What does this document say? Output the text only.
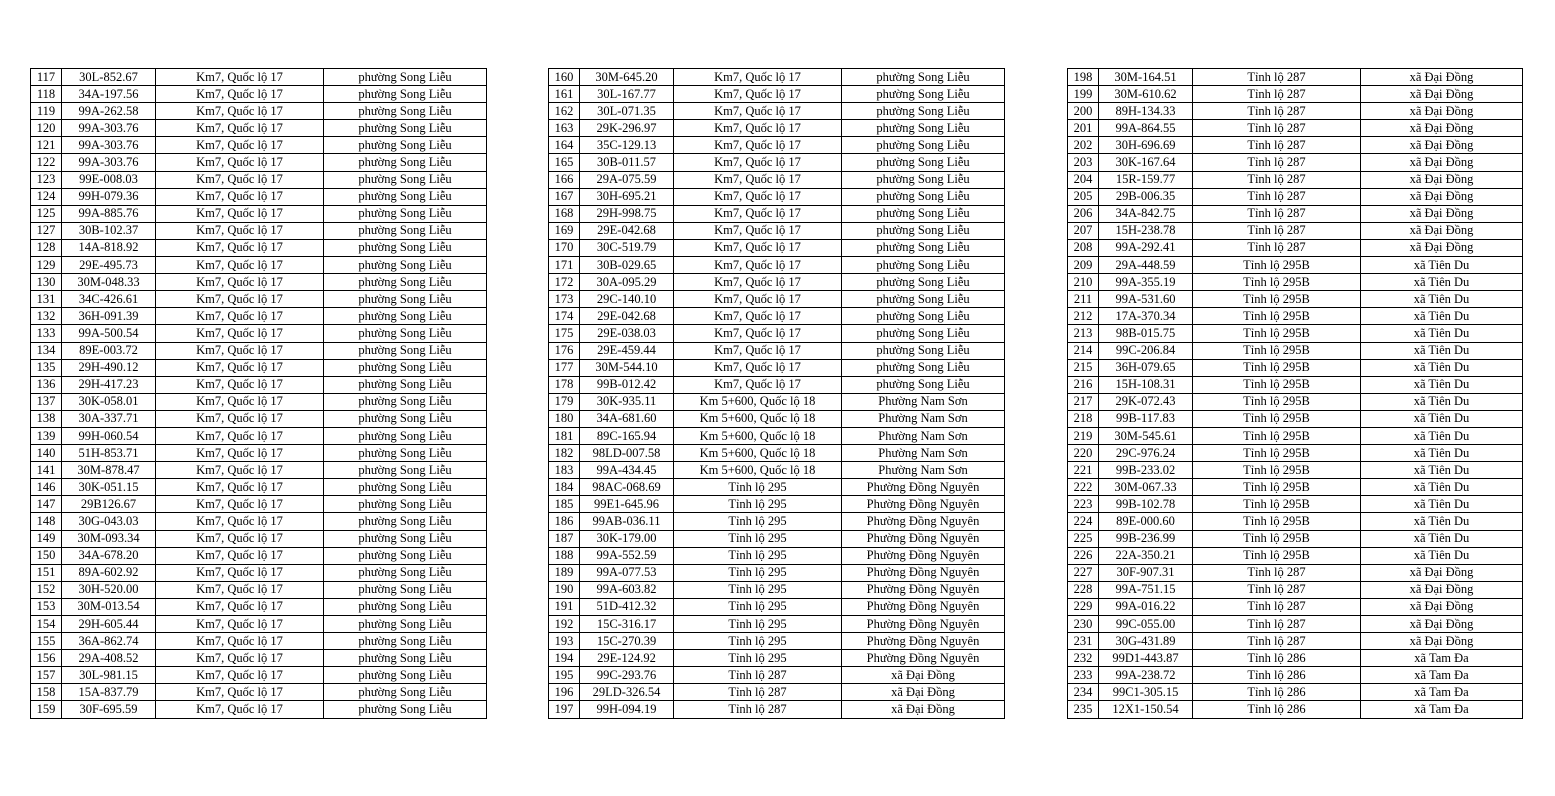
117	30L-852.67	Km7, Quốc lộ 17	phường Song Liễu
118	34A-197.56	Km7, Quốc lộ 17	phường Song Liễu
119	99A-262.58	Km7, Quốc lộ 17	phường Song Liễu
120	99A-303.76	Km7, Quốc lộ 17	phường Song Liễu
121	99A-303.76	Km7, Quốc lộ 17	phường Song Liễu
122	99A-303.76	Km7, Quốc lộ 17	phường Song Liễu
123	99E-008.03	Km7, Quốc lộ 17	phường Song Liễu
124	99H-079.36	Km7, Quốc lộ 17	phường Song Liễu
125	99A-885.76	Km7, Quốc lộ 17	phường Song Liễu
127	30B-102.37	Km7, Quốc lộ 17	phường Song Liễu
128	14A-818.92	Km7, Quốc lộ 17	phường Song Liễu
129	29E-495.73	Km7, Quốc lộ 17	phường Song Liễu
130	30M-048.33	Km7, Quốc lộ 17	phường Song Liễu
131	34C-426.61	Km7, Quốc lộ 17	phường Song Liễu
132	36H-091.39	Km7, Quốc lộ 17	phường Song Liễu
133	99A-500.54	Km7, Quốc lộ 17	phường Song Liễu
134	89E-003.72	Km7, Quốc lộ 17	phường Song Liễu
135	29H-490.12	Km7, Quốc lộ 17	phường Song Liễu
136	29H-417.23	Km7, Quốc lộ 17	phường Song Liễu
137	30K-058.01	Km7, Quốc lộ 17	phường Song Liễu
138	30A-337.71	Km7, Quốc lộ 17	phường Song Liễu
139	99H-060.54	Km7, Quốc lộ 17	phường Song Liễu
140	51H-853.71	Km7, Quốc lộ 17	phường Song Liễu
141	30M-878.47	Km7, Quốc lộ 17	phường Song Liễu
146	30K-051.15	Km7, Quốc lộ 17	phường Song Liễu
147	29B126.67	Km7, Quốc lộ 17	phường Song Liễu
148	30G-043.03	Km7, Quốc lộ 17	phường Song Liễu
149	30M-093.34	Km7, Quốc lộ 17	phường Song Liễu
150	34A-678.20	Km7, Quốc lộ 17	phường Song Liễu
151	89A-602.92	Km7, Quốc lộ 17	phường Song Liễu
152	30H-520.00	Km7, Quốc lộ 17	phường Song Liễu
153	30M-013.54	Km7, Quốc lộ 17	phường Song Liễu
154	29H-605.44	Km7, Quốc lộ 17	phường Song Liễu
155	36A-862.74	Km7, Quốc lộ 17	phường Song Liễu
156	29A-408.52	Km7, Quốc lộ 17	phường Song Liễu
157	30L-981.15	Km7, Quốc lộ 17	phường Song Liễu
158	15A-837.79	Km7, Quốc lộ 17	phường Song Liễu
159	30F-695.59	Km7, Quốc lộ 17	phường Song Liễu
160	30M-645.20	Km7, Quốc lộ 17	phường Song Liễu
161	30L-167.77	Km7, Quốc lộ 17	phường Song Liễu
162	30L-071.35	Km7, Quốc lộ 17	phường Song Liễu
163	29K-296.97	Km7, Quốc lộ 17	phường Song Liễu
164	35C-129.13	Km7, Quốc lộ 17	phường Song Liễu
165	30B-011.57	Km7, Quốc lộ 17	phường Song Liễu
166	29A-075.59	Km7, Quốc lộ 17	phường Song Liễu
167	30H-695.21	Km7, Quốc lộ 17	phường Song Liễu
168	29H-998.75	Km7, Quốc lộ 17	phường Song Liễu
169	29E-042.68	Km7, Quốc lộ 17	phường Song Liễu
170	30C-519.79	Km7, Quốc lộ 17	phường Song Liễu
171	30B-029.65	Km7, Quốc lộ 17	phường Song Liễu
172	30A-095.29	Km7, Quốc lộ 17	phường Song Liễu
173	29C-140.10	Km7, Quốc lộ 17	phường Song Liễu
174	29E-042.68	Km7, Quốc lộ 17	phường Song Liễu
175	29E-038.03	Km7, Quốc lộ 17	phường Song Liễu
176	29E-459.44	Km7, Quốc lộ 17	phường Song Liễu
177	30M-544.10	Km7, Quốc lộ 17	phường Song Liễu
178	99B-012.42	Km7, Quốc lộ 17	phường Song Liễu
179	30K-935.11	Km 5+600, Quốc lộ 18	Phường Nam Sơn
180	34A-681.60	Km 5+600, Quốc lộ 18	Phường Nam Sơn
181	89C-165.94	Km 5+600, Quốc lộ 18	Phường Nam Sơn
182	98LD-007.58	Km 5+600, Quốc lộ 18	Phường Nam Sơn
183	99A-434.45	Km 5+600, Quốc lộ 18	Phường Nam Sơn
184	98AC-068.69	Tỉnh lộ 295	Phường Đồng Nguyên
185	99E1-645.96	Tỉnh lộ 295	Phường Đồng Nguyên
186	99AB-036.11	Tỉnh lộ 295	Phường Đồng Nguyên
187	30K-179.00	Tỉnh lộ 295	Phường Đồng Nguyên
188	99A-552.59	Tỉnh lộ 295	Phường Đồng Nguyên
189	99A-077.53	Tỉnh lộ 295	Phường Đồng Nguyên
190	99A-603.82	Tỉnh lộ 295	Phường Đồng Nguyên
191	51D-412.32	Tỉnh lộ 295	Phường Đồng Nguyên
192	15C-316.17	Tỉnh lộ 295	Phường Đồng Nguyên
193	15C-270.39	Tỉnh lộ 295	Phường Đồng Nguyên
194	29E-124.92	Tỉnh lộ 295	Phường Đồng Nguyên
195	99C-293.76	Tỉnh lộ 287	xã Đại Đồng
196	29LD-326.54	Tỉnh lộ 287	xã Đại Đồng
197	99H-094.19	Tỉnh lộ 287	xã Đại Đồng
198	30M-164.51	Tỉnh lộ 287	xã Đại Đồng
199	30M-610.62	Tỉnh lộ 287	xã Đại Đồng
200	89H-134.33	Tỉnh lộ 287	xã Đại Đồng
201	99A-864.55	Tỉnh lộ 287	xã Đại Đồng
202	30H-696.69	Tỉnh lộ 287	xã Đại Đồng
203	30K-167.64	Tỉnh lộ 287	xã Đại Đồng
204	15R-159.77	Tỉnh lộ 287	xã Đại Đồng
205	29B-006.35	Tỉnh lộ 287	xã Đại Đồng
206	34A-842.75	Tỉnh lộ 287	xã Đại Đồng
207	15H-238.78	Tỉnh lộ 287	xã Đại Đồng
208	99A-292.41	Tỉnh lộ 287	xã Đại Đồng
209	29A-448.59	Tỉnh lộ 295B	xã Tiên Du
210	99A-355.19	Tỉnh lộ 295B	xã Tiên Du
211	99A-531.60	Tỉnh lộ 295B	xã Tiên Du
212	17A-370.34	Tỉnh lộ 295B	xã Tiên Du
213	98B-015.75	Tỉnh lộ 295B	xã Tiên Du
214	99C-206.84	Tỉnh lộ 295B	xã Tiên Du
215	36H-079.65	Tỉnh lộ 295B	xã Tiên Du
216	15H-108.31	Tỉnh lộ 295B	xã Tiên Du
217	29K-072.43	Tỉnh lộ 295B	xã Tiên Du
218	99B-117.83	Tỉnh lộ 295B	xã Tiên Du
219	30M-545.61	Tỉnh lộ 295B	xã Tiên Du
220	29C-976.24	Tỉnh lộ 295B	xã Tiên Du
221	99B-233.02	Tỉnh lộ 295B	xã Tiên Du
222	30M-067.33	Tỉnh lộ 295B	xã Tiên Du
223	99B-102.78	Tỉnh lộ 295B	xã Tiên Du
224	89E-000.60	Tỉnh lộ 295B	xã Tiên Du
225	99B-236.99	Tỉnh lộ 295B	xã Tiên Du
226	22A-350.21	Tỉnh lộ 295B	xã Tiên Du
227	30F-907.31	Tỉnh lộ 287	xã Đại Đồng
228	99A-751.15	Tỉnh lộ 287	xã Đại Đồng
229	99A-016.22	Tỉnh lộ 287	xã Đại Đồng
230	99C-055.00	Tỉnh lộ 287	xã Đại Đồng
231	30G-431.89	Tỉnh lộ 287	xã Đại Đồng
232	99D1-443.87	Tỉnh lộ 286	xã Tam Đa
233	99A-238.72	Tỉnh lộ 286	xã Tam Đa
234	99C1-305.15	Tỉnh lộ 286	xã Tam Đa
235	12X1-150.54	Tỉnh lộ 286	xã Tam Đa
